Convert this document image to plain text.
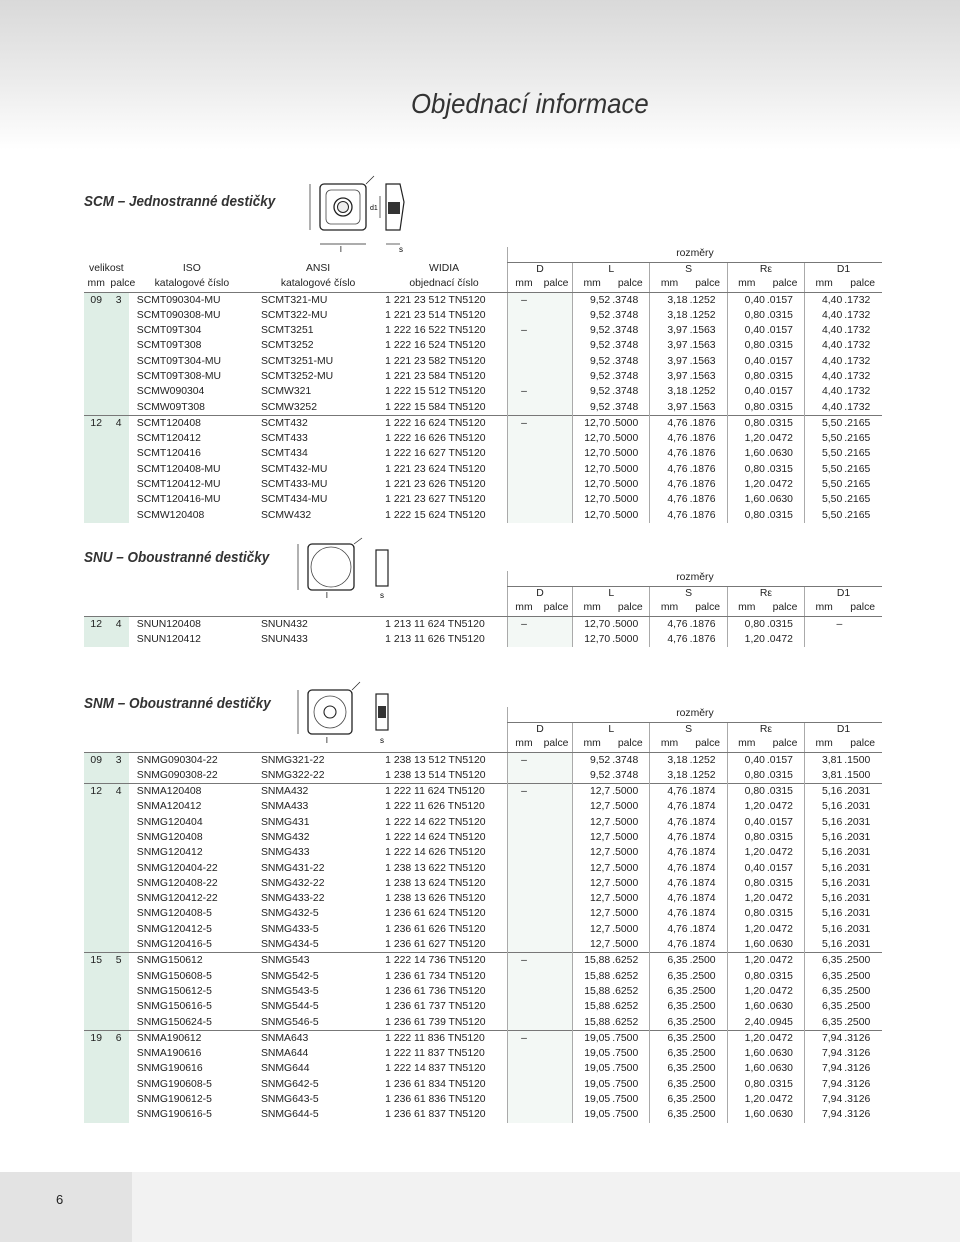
Objednací informace
SCM – Jednostranné destičky
l	s
d1
					rozměry									
velikost		ISO	ANSI	WIDIA	D		L		S		Rε		D1	
mm	palce	katalogové číslo	katalogové číslo	objednací číslo	mm	palce	mm	palce	mm	palce	mm	palce	mm	palce
09	3	SCMT090304-MU	SCMT321-MU	1 221 23 512 TN5120	–		9,52	.3748	3,18	.1252	0,40	.0157	4,40	.1732
		SCMT090308-MU	SCMT322-MU	1 221 23 514 TN5120			9,52	.3748	3,18	.1252	0,80	.0315	4,40	.1732
		SCMT09T304	SCMT3251	1 222 16 522 TN5120	–		9,52	.3748	3,97	.1563	0,40	.0157	4,40	.1732
		SCMT09T308	SCMT3252	1 222 16 524 TN5120			9,52	.3748	3,97	.1563	0,80	.0315	4,40	.1732
		SCMT09T304-MU	SCMT3251-MU	1 221 23 582 TN5120			9,52	.3748	3,97	.1563	0,40	.0157	4,40	.1732
		SCMT09T308-MU	SCMT3252-MU	1 221 23 584 TN5120			9,52	.3748	3,97	.1563	0,80	.0315	4,40	.1732
		SCMW090304	SCMW321	1 222 15 512 TN5120	–		9,52	.3748	3,18	.1252	0,40	.0157	4,40	.1732
		SCMW09T308	SCMW3252	1 222 15 584 TN5120			9,52	.3748	3,97	.1563	0,80	.0315	4,40	.1732
12	4	SCMT120408	SCMT432	1 222 16 624 TN5120	–		12,70	.5000	4,76	.1876	0,80	.0315	5,50	.2165
		SCMT120412	SCMT433	1 222 16 626 TN5120			12,70	.5000	4,76	.1876	1,20	.0472	5,50	.2165
		SCMT120416	SCMT434	1 222 16 627 TN5120			12,70	.5000	4,76	.1876	1,60	.0630	5,50	.2165
		SCMT120408-MU	SCMT432-MU	1 221 23 624 TN5120			12,70	.5000	4,76	.1876	0,80	.0315	5,50	.2165
		SCMT120412-MU	SCMT433-MU	1 221 23 626 TN5120			12,70	.5000	4,76	.1876	1,20	.0472	5,50	.2165
		SCMT120416-MU	SCMT434-MU	1 221 23 627 TN5120			12,70	.5000	4,76	.1876	1,60	.0630	5,50	.2165
		SCMW120408	SCMW432	1 222 15 624 TN5120			12,70	.5000	4,76	.1876	0,80	.0315	5,50	.2165
SNU – Oboustranné destičky
l	s
					rozměry									
					D		L		S		Rε		D1	
					mm	palce	mm	palce	mm	palce	mm	palce	mm	palce
12	4	SNUN120408	SNUN432	1 213 11 624 TN5120	–		12,70	.5000	4,76	.1876	0,80	.0315	–	
		SNUN120412	SNUN433	1 213 11 626 TN5120			12,70	.5000	4,76	.1876	1,20	.0472		
SNM – Oboustranné destičky
l	s
					rozměry									
					D		L		S		Rε		D1	
					mm	palce	mm	palce	mm	palce	mm	palce	mm	palce
09	3	SNMG090304-22	SNMG321-22	1 238 13 512 TN5120	–		9,52	.3748	3,18	.1252	0,40	.0157	3,81	.1500
		SNMG090308-22	SNMG322-22	1 238 13 514 TN5120			9,52	.3748	3,18	.1252	0,80	.0315	3,81	.1500
12	4	SNMA120408	SNMA432	1 222 11 624 TN5120	–		12,7	.5000	4,76	.1874	0,80	.0315	5,16	.2031
		SNMA120412	SNMA433	1 222 11 626 TN5120			12,7	.5000	4,76	.1874	1,20	.0472	5,16	.2031
		SNMG120404	SNMG431	1 222 14 622 TN5120			12,7	.5000	4,76	.1874	0,40	.0157	5,16	.2031
		SNMG120408	SNMG432	1 222 14 624 TN5120			12,7	.5000	4,76	.1874	0,80	.0315	5,16	.2031
		SNMG120412	SNMG433	1 222 14 626 TN5120			12,7	.5000	4,76	.1874	1,20	.0472	5,16	.2031
		SNMG120404-22	SNMG431-22	1 238 13 622 TN5120			12,7	.5000	4,76	.1874	0,40	.0157	5,16	.2031
		SNMG120408-22	SNMG432-22	1 238 13 624 TN5120			12,7	.5000	4,76	.1874	0,80	.0315	5,16	.2031
		SNMG120412-22	SNMG433-22	1 238 13 626 TN5120			12,7	.5000	4,76	.1874	1,20	.0472	5,16	.2031
		SNMG120408-5	SNMG432-5	1 236 61 624 TN5120			12,7	.5000	4,76	.1874	0,80	.0315	5,16	.2031
		SNMG120412-5	SNMG433-5	1 236 61 626 TN5120			12,7	.5000	4,76	.1874	1,20	.0472	5,16	.2031
		SNMG120416-5	SNMG434-5	1 236 61 627 TN5120			12,7	.5000	4,76	.1874	1,60	.0630	5,16	.2031
15	5	SNMG150612	SNMG543	1 222 14 736 TN5120	–		15,88	.6252	6,35	.2500	1,20	.0472	6,35	.2500
		SNMG150608-5	SNMG542-5	1 236 61 734 TN5120			15,88	.6252	6,35	.2500	0,80	.0315	6,35	.2500
		SNMG150612-5	SNMG543-5	1 236 61 736 TN5120			15,88	.6252	6,35	.2500	1,20	.0472	6,35	.2500
		SNMG150616-5	SNMG544-5	1 236 61 737 TN5120			15,88	.6252	6,35	.2500	1,60	.0630	6,35	.2500
		SNMG150624-5	SNMG546-5	1 236 61 739 TN5120			15,88	.6252	6,35	.2500	2,40	.0945	6,35	.2500
19	6	SNMA190612	SNMA643	1 222 11 836 TN5120	–		19,05	.7500	6,35	.2500	1,20	.0472	7,94	.3126
		SNMA190616	SNMA644	1 222 11 837 TN5120			19,05	.7500	6,35	.2500	1,60	.0630	7,94	.3126
		SNMG190616	SNMG644	1 222 14 837 TN5120			19,05	.7500	6,35	.2500	1,60	.0630	7,94	.3126
		SNMG190608-5	SNMG642-5	1 236 61 834 TN5120			19,05	.7500	6,35	.2500	0,80	.0315	7,94	.3126
		SNMG190612-5	SNMG643-5	1 236 61 836 TN5120			19,05	.7500	6,35	.2500	1,20	.0472	7,94	.3126
		SNMG190616-5	SNMG644-5	1 236 61 837 TN5120			19,05	.7500	6,35	.2500	1,60	.0630	7,94	.3126
6
